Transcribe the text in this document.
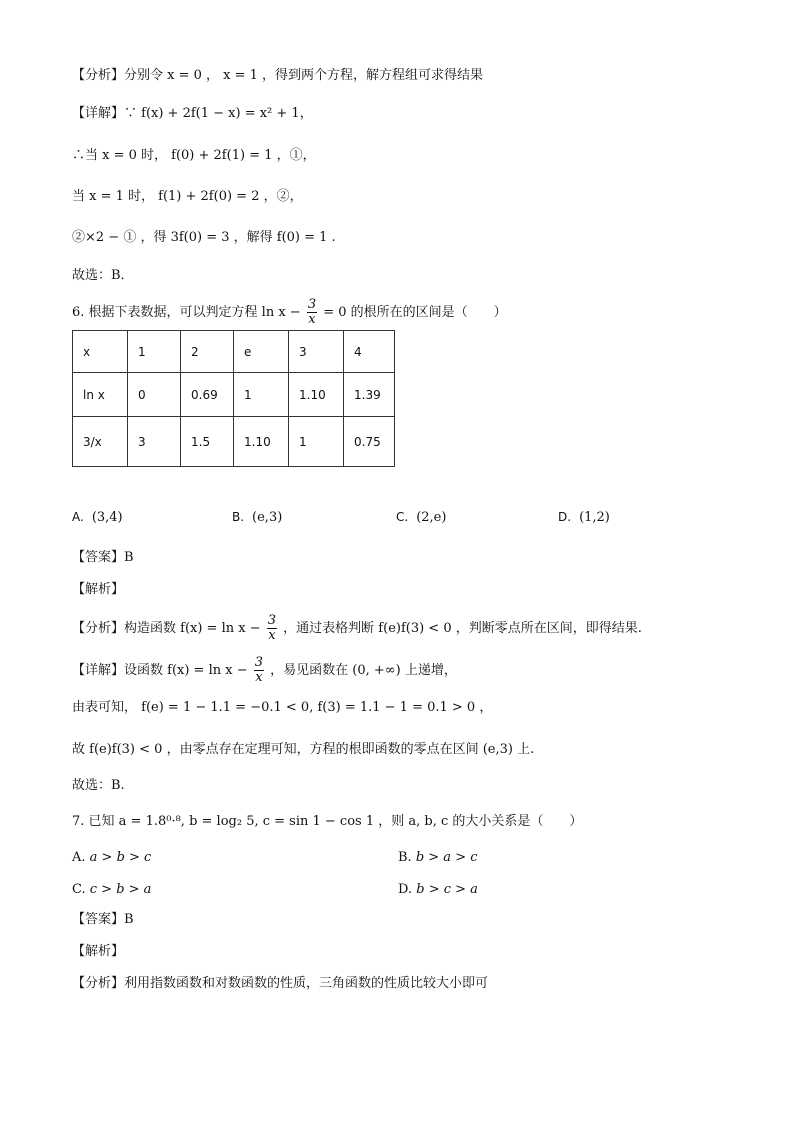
【分析】分别令 x = 0 ， x = 1 ，得到两个方程，解方程组可求得结果
【详解】∵ f(x) + 2f(1 − x) = x² + 1，
∴当 x = 0 时， f(0) + 2f(1) = 1 ，①，
当 x = 1 时， f(1) + 2f(0) = 2 ，②，
②×2 − ① ，得 3f(0) = 3 ，解得 f(0) = 1 .
故选：B．
6. 根据下表数据，可以判定方程 $\ln x - \frac{3}{x} = 0$ 的根所在的区间是（　　）
x	1	2	e	3	4
ln x	0	0.69	1	1.10	1.39
3/x	3	1.5	1.10	1	0.75
A. (3,4)	B. (e,3)	C. (2,e)	D. (1,2)
【答案】B
【解析】
【分析】构造函数 $f(x) = \ln x - \frac{3}{x}$ ，通过表格判断 f(e)f(3) < 0 ，判断零点所在区间，即得结果.
【详解】设函数 $f(x) = \ln x - \frac{3}{x}$ ，易见函数在 (0, +∞) 上递增，
由表可知， f(e) = 1 − 1.1 = −0.1 < 0, f(3) = 1.1 − 1 = 0.1 > 0 ，
故 f(e)f(3) < 0 ，由零点存在定理可知，方程的根即函数的零点在区间 (e,3) 上.
故选：B.
7. 已知 a = 1.8⁰·⁸, b = log₂ 5, c = sin 1 − cos 1 ，则 a, b, c 的大小关系是（　　）
A. a > b > c	B. b > a > c
C. c > b > a	D. b > c > a
【答案】B
【解析】
【分析】利用指数函数和对数函数的性质，三角函数的性质比较大小即可
